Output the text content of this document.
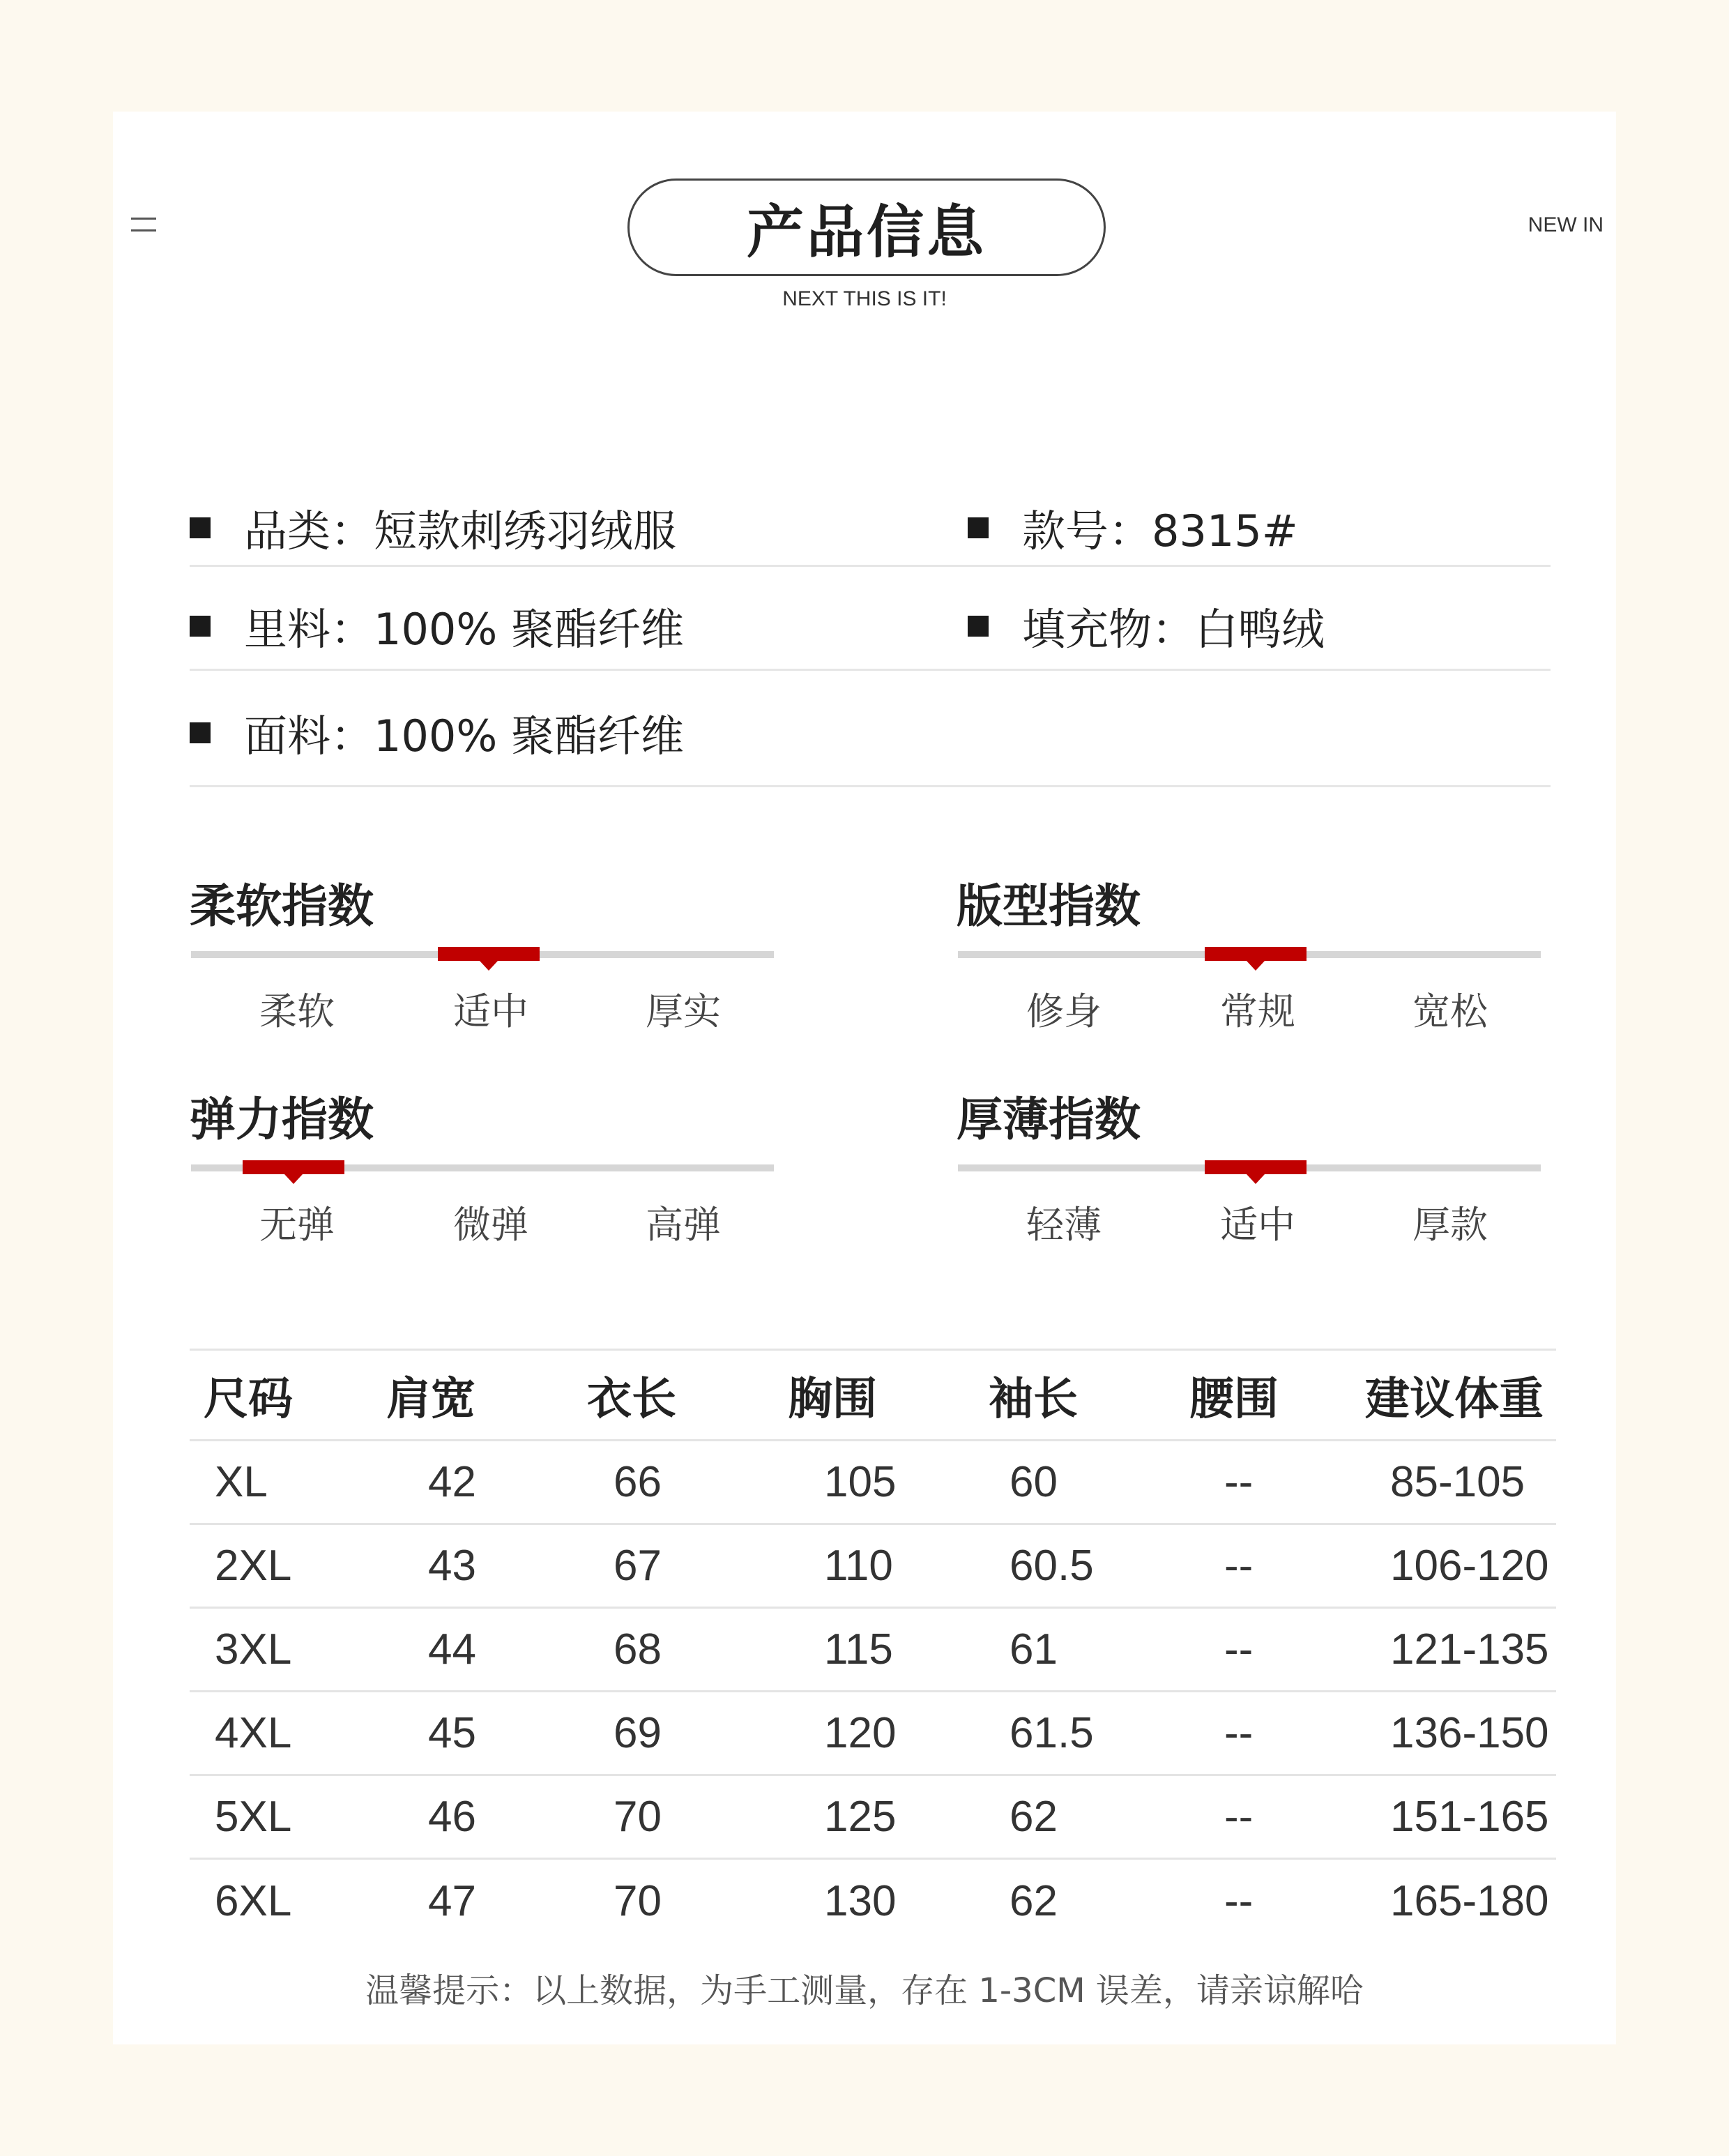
产品信息
NEXT THIS IS IT!
NEW IN
品类：短款刺绣羽绒服	款号：8315#
里料：100% 聚酯纤维	填充物：白鸭绒
面料：100% 聚酯纤维
柔软指数
柔软	适中	厚实
版型指数
修身	常规	宽松
弹力指数
无弹	微弹	高弹
厚薄指数
轻薄	适中	厚款
尺码	肩宽	衣长	胸围	袖长	腰围	建议体重
XL	42	66	105	60	--	85-105
2XL	43	67	110	60.5	--	106-120
3XL	44	68	115	61	--	121-135
4XL	45	69	120	61.5	--	136-150
5XL	46	70	125	62	--	151-165
6XL	47	70	130	62	--	165-180
温馨提示：以上数据，为手工测量，存在 1-3CM 误差，请亲谅解哈
